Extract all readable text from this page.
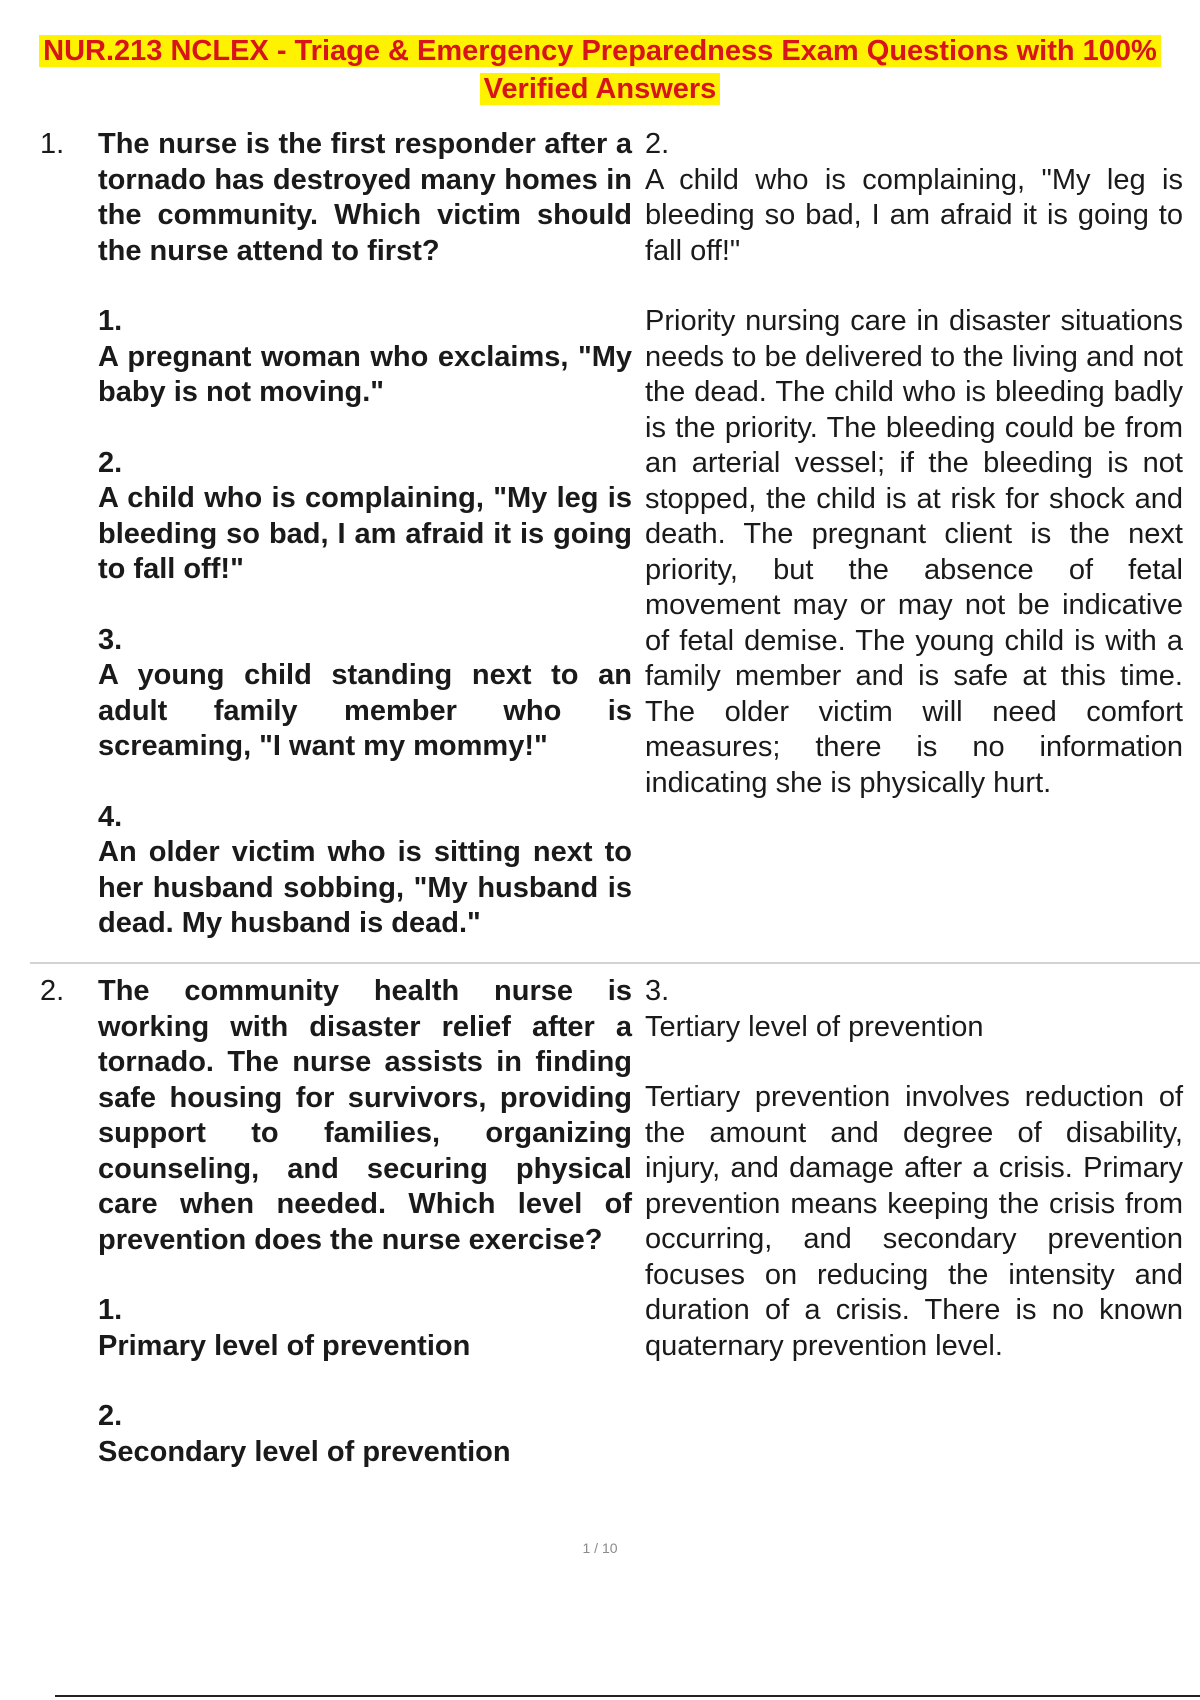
NUR.213 NCLEX - Triage & Emergency Preparedness Exam Questions with 100% Verified Answers
1. The nurse is the first responder after a tornado has destroyed many homes in the community. Which victim should the nurse attend to first?

1.
A pregnant woman who exclaims, "My baby is not moving."
2.
A child who is complaining, "My leg is bleeding so bad, I am afraid it is going to fall off!"
3.
A young child standing next to an adult family member who is screaming, "I want my mommy!"
4.
An older victim who is sitting next to her husband sobbing, "My husband is dead. My husband is dead."
2.

A child who is complaining, "My leg is bleeding so bad, I am afraid it is going to fall off!"

Priority nursing care in disaster situations needs to be delivered to the living and not the dead. The child who is bleeding badly is the priority. The bleeding could be from an arterial vessel; if the bleeding is not stopped, the child is at risk for shock and death. The pregnant client is the next priority, but the absence of fetal movement may or may not be indicative of fetal demise. The young child is with a family member and is safe at this time. The older victim will need comfort measures; there is no information indicating she is physically hurt.

2. The community health nurse is working with disaster relief after a tornado. The nurse assists in finding safe housing for survivors, providing support to families, organizing counseling, and securing physical care when needed. Which level of prevention does the nurse exercise?

1.
Primary level of prevention
2.
Secondary level of prevention
3.

Tertiary level of prevention

Tertiary prevention involves reduction of the amount and degree of disability, injury, and damage after a crisis. Primary prevention means keeping the crisis from occurring, and secondary prevention focuses on reducing the intensity and duration of a crisis. There is no known quaternary prevention level.

1 / 10
